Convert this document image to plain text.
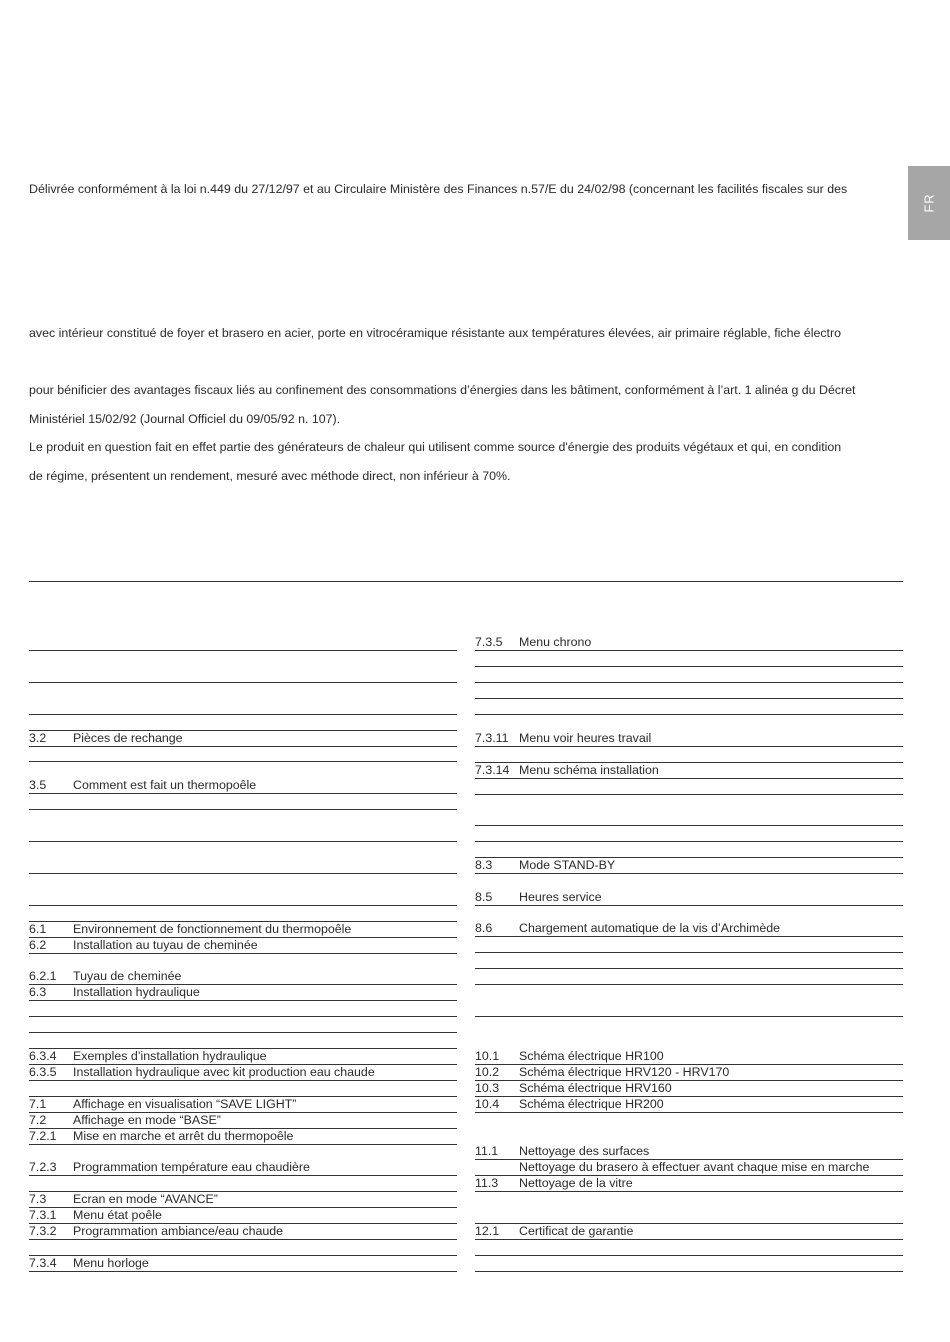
FR
Délivrée conformément à la loi n.449 du 27/12/97 et au Circulaire Ministère des Finances n.57/E du 24/02/98 (concernant les facilités fiscales sur des
avec intérieur constitué de foyer et brasero en acier, porte en vitrocéramique résistante aux températures élevées, air primaire réglable, fiche électro
pour bénificier des avantages fiscaux liés au confinement des consommations d’énergies dans les bâtiment, conformément à l’art. 1 alinéa g du Décret
Ministériel 15/02/92 (Journal Officiel du 09/05/92 n. 107).
Le produit en question fait en effet partie des générateurs de chaleur qui utilisent comme source d'énergie des produits végétaux et qui, en condition
de régime, présentent un rendement, mesuré avec méthode direct, non inférieur à 70%.
3.2 Pièces de rechange
3.5 Comment est fait un thermopoêle
6.1 Environnement de fonctionnement du thermopoêle
6.2 Installation au tuyau de cheminée
6.2.1 Tuyau de cheminée
6.3 Installation hydraulique
6.3.4 Exemples d’installation hydraulique
6.3.5 Installation hydraulique avec kit production eau chaude
7.1 Affichage en visualisation “SAVE LIGHT”
7.2 Affichage en mode “BASE”
7.2.1 Mise en marche et arrêt du thermopoêle
7.2.3 Programmation température eau chaudière
7.3 Ecran en mode “AVANCE”
7.3.1 Menu état poêle
7.3.2 Programmation ambiance/eau chaude
7.3.4 Menu horloge
7.3.5 Menu chrono
7.3.11 Menu voir heures travail
7.3.14 Menu schéma installation
8.3 Mode STAND-BY
8.5 Heures service
8.6 Chargement automatique de la vis d’Archimède
10.1 Schéma électrique HR100
10.2 Schéma électrique HRV120 - HRV170
10.3 Schéma électrique HRV160
10.4 Schéma électrique HR200
11.1 Nettoyage des surfaces
Nettoyage du brasero à effectuer avant chaque mise en marche
11.3 Nettoyage de la vitre
12.1 Certificat de garantie
